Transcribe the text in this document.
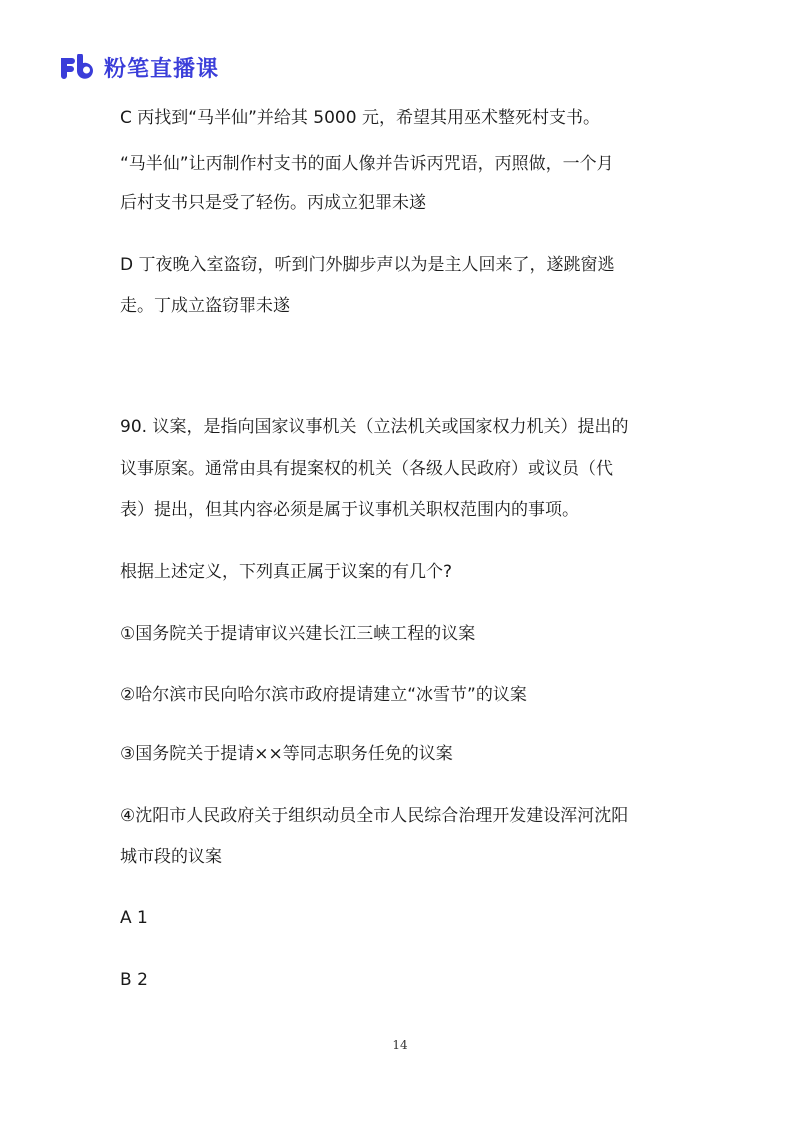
粉笔直播课
C 丙找到“马半仙”并给其 5000 元，希望其用巫术整死村支书。
“马半仙”让丙制作村支书的面人像并告诉丙咒语，丙照做，一个月
后村支书只是受了轻伤。丙成立犯罪未遂
D 丁夜晚入室盗窃，听到门外脚步声以为是主人回来了，遂跳窗逃
走。丁成立盗窃罪未遂
90. 议案，是指向国家议事机关（立法机关或国家权力机关）提出的
议事原案。通常由具有提案权的机关（各级人民政府）或议员（代
表）提出，但其内容必须是属于议事机关职权范围内的事项。
根据上述定义，下列真正属于议案的有几个?
①国务院关于提请审议兴建长江三峡工程的议案
②哈尔滨市民向哈尔滨市政府提请建立“冰雪节”的议案
③国务院关于提请××等同志职务任免的议案
④沈阳市人民政府关于组织动员全市人民综合治理开发建设浑河沈阳
城市段的议案
A 1
B 2
14
